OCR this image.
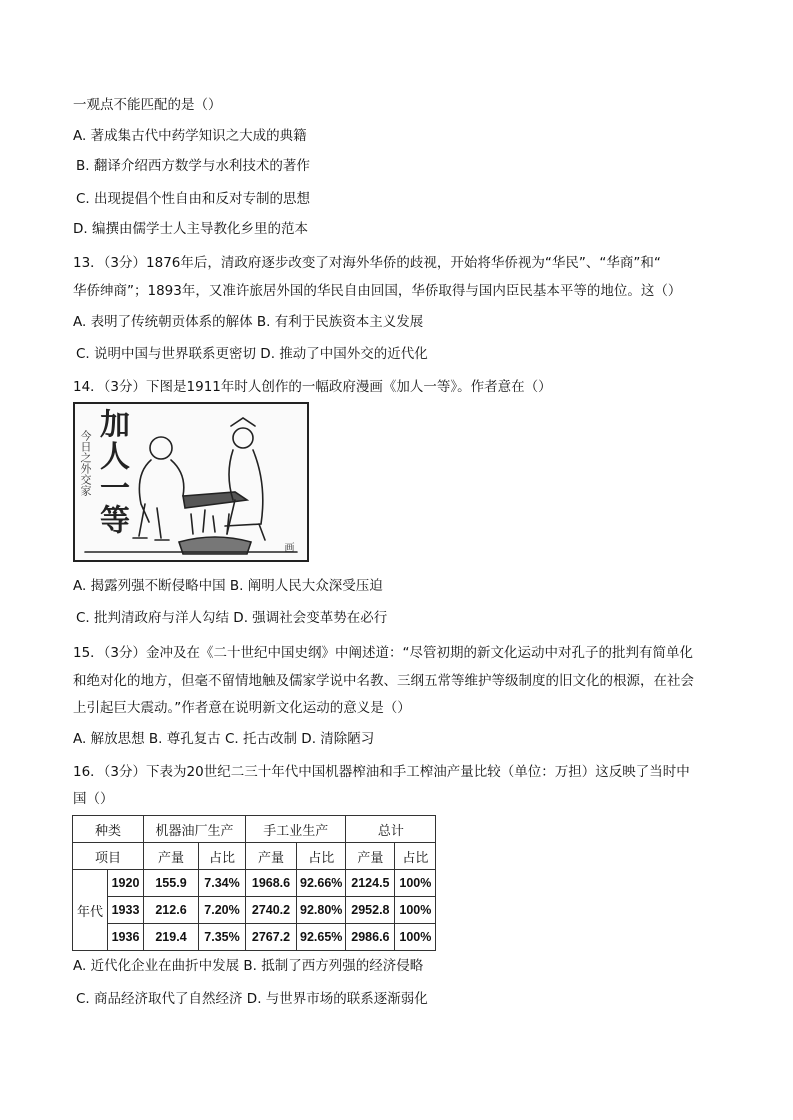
一观点不能匹配的是（）
A. 著成集古代中药学知识之大成的典籍
B. 翻译介绍西方数学与水利技术的著作
C. 出现提倡个性自由和反对专制的思想
D. 编撰由儒学士人主导教化乡里的范本
13．（3分）1876年后，清政府逐步改变了对海外华侨的歧视，开始将华侨视为“华民”、“华商”和“
华侨绅商”；1893年，又准许旅居外国的华民自由回国，华侨取得与国内臣民基本平等的地位。这（）
A. 表明了传统朝贡体系的解体 B. 有利于民族资本主义发展
C. 说明中国与世界联系更密切 D. 推动了中国外交的近代化
14．（3分）下图是1911年时人创作的一幅政府漫画《加人一等》。作者意在（）
加人一等
今日之外交家
画
A. 揭露列强不断侵略中国 B. 阐明人民大众深受压迫
C. 批判清政府与洋人勾结 D. 强调社会变革势在必行
15．（3分）金冲及在《二十世纪中国史纲》中阐述道：“尽管初期的新文化运动中对孔子的批判有简单化
和绝对化的地方，但毫不留情地触及儒家学说中名教、三纲五常等维护等级制度的旧文化的根源，在社会
上引起巨大震动。”作者意在说明新文化运动的意义是（）
A. 解放思想 B. 尊孔复古 C. 托古改制 D. 清除陋习
16．（3分）下表为20世纪二三十年代中国机器榨油和手工榨油产量比较（单位：万担）这反映了当时中
国（）
种类		机器油厂生产		手工业生产		总计	
项目		产量	占比	产量	占比	产量	占比
年代	1920	155.9	7.34%	1968.6	92.66%	2124.5	100%
	1933	212.6	7.20%	2740.2	92.80%	2952.8	100%
	1936	219.4	7.35%	2767.2	92.65%	2986.6	100%
A. 近代化企业在曲折中发展 B. 抵制了西方列强的经济侵略
C. 商品经济取代了自然经济 D. 与世界市场的联系逐渐弱化
